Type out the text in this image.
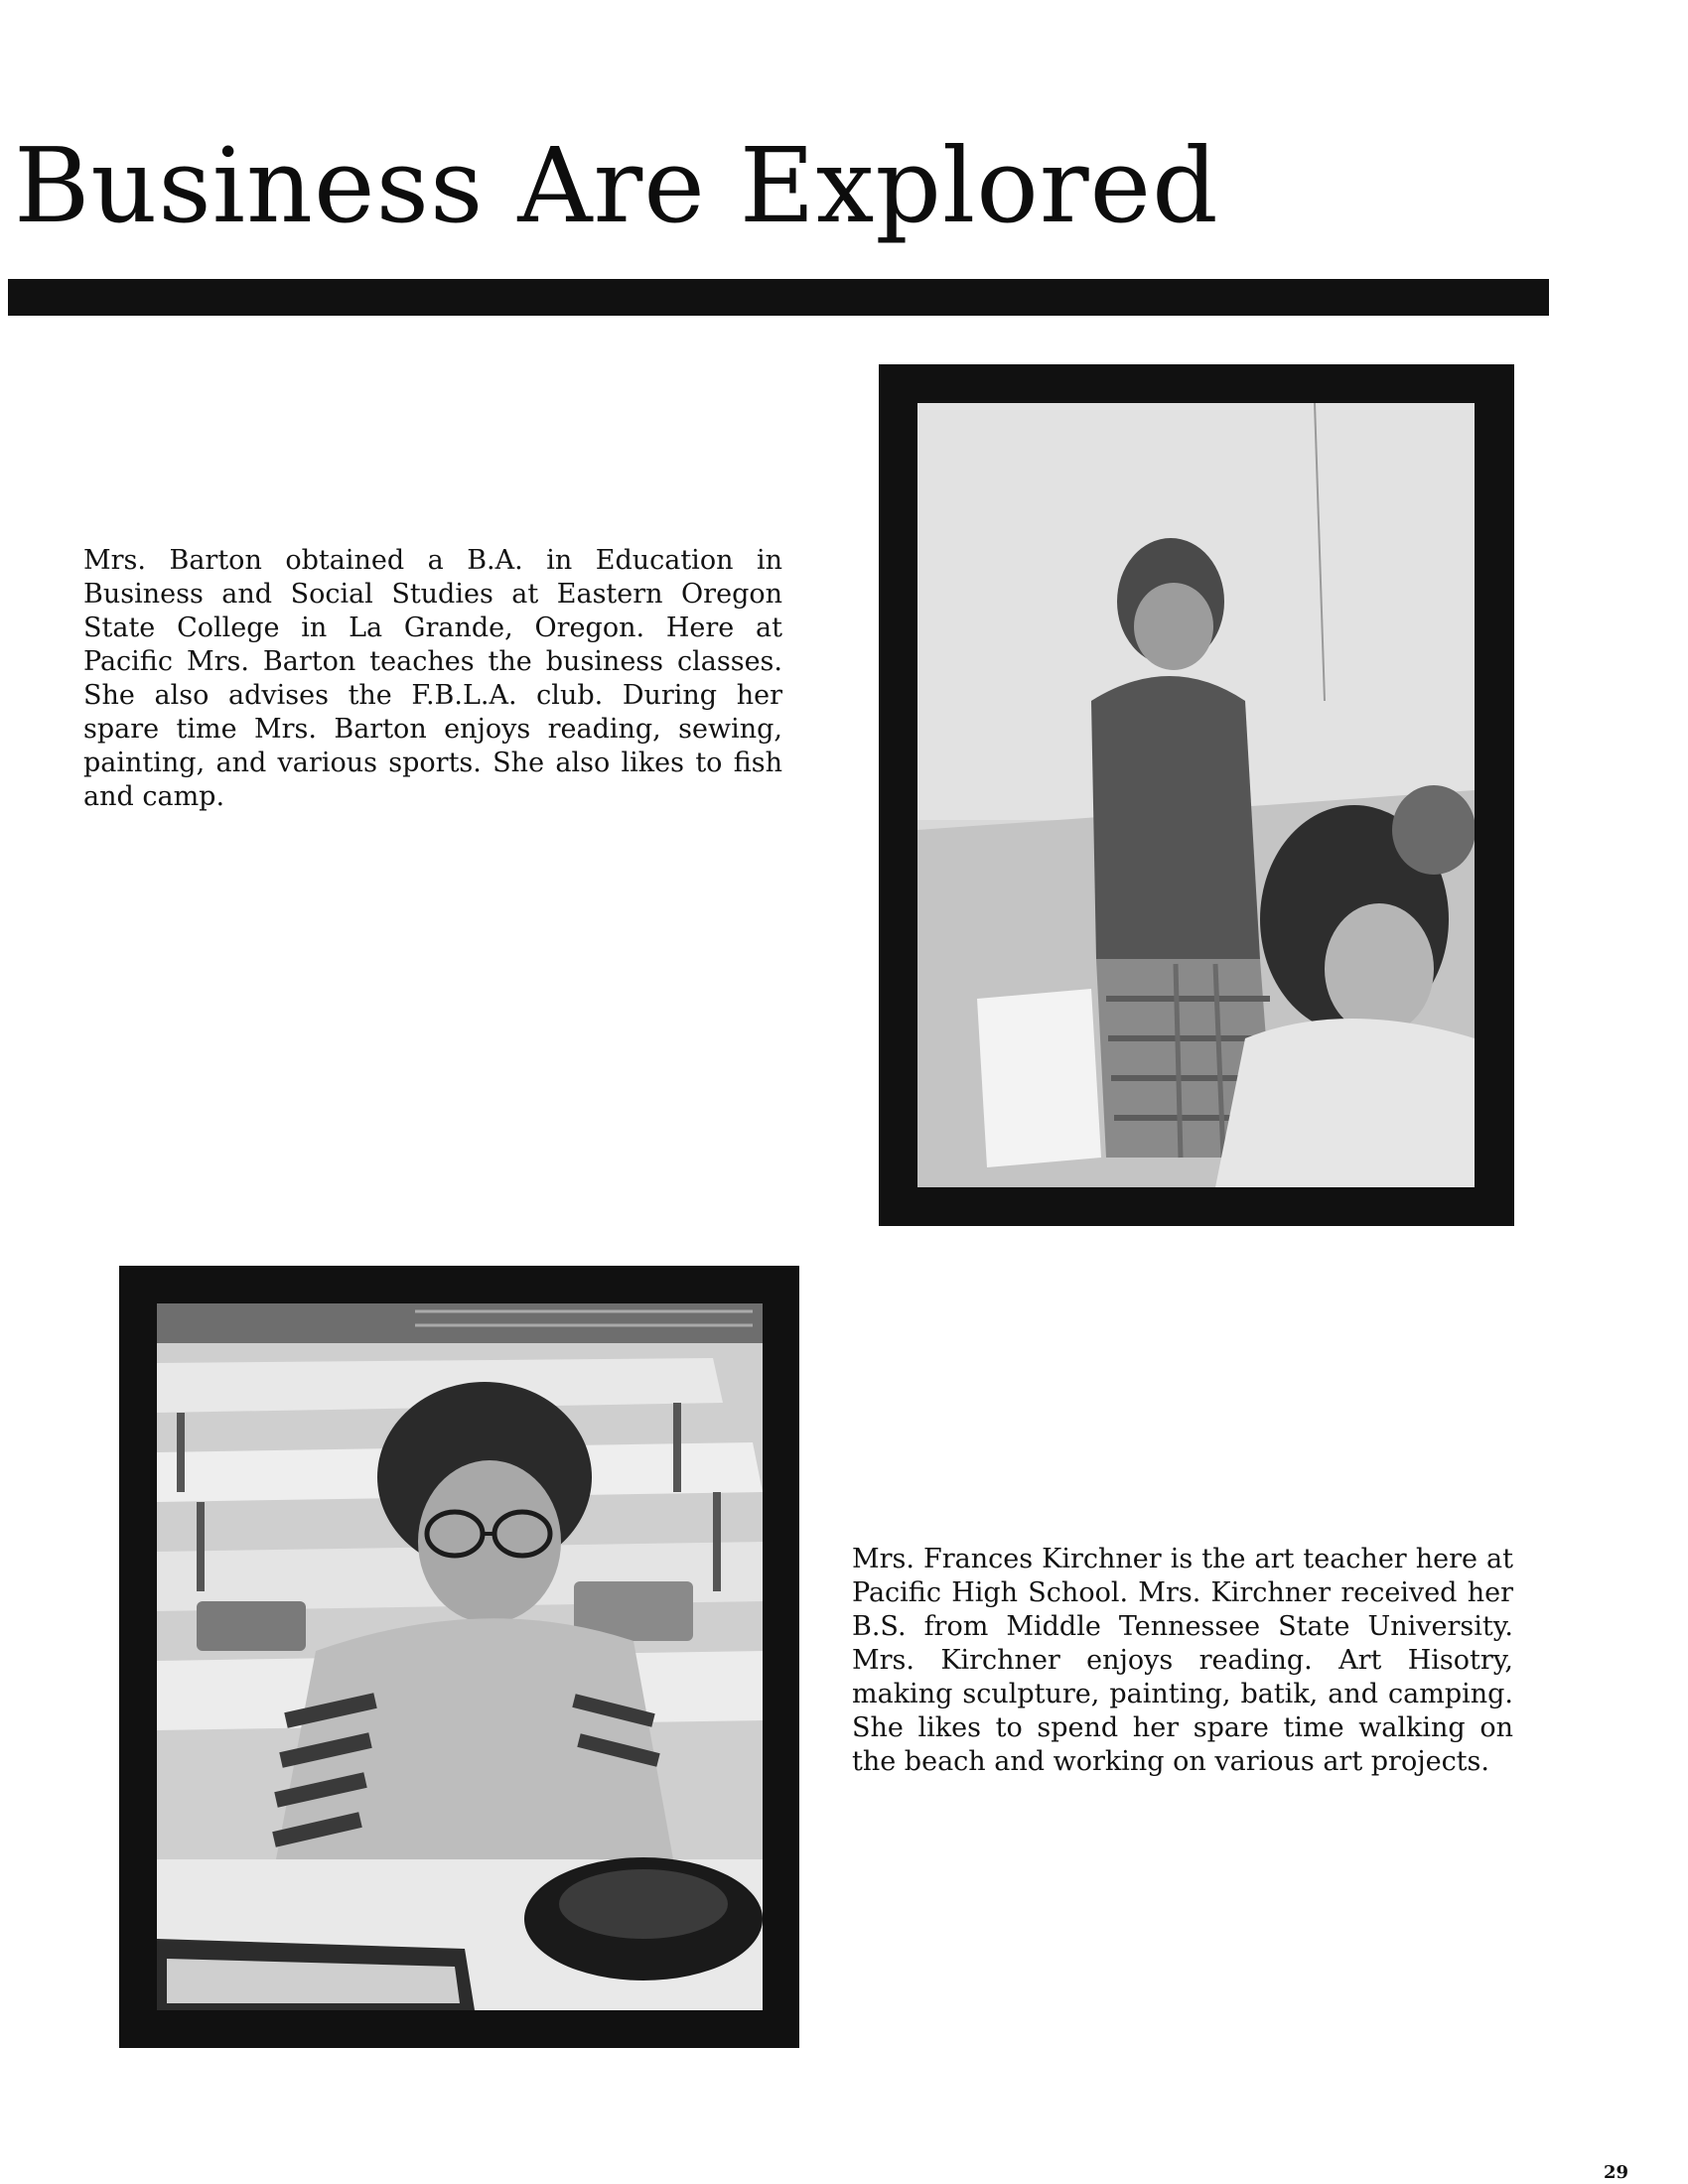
Business Are Explored

Mrs. Barton obtained a B.A. in Education in Business and Social Studies at Eastern Oregon State College in La Grande, Oregon. Here at Pacific Mrs. Barton teaches the business classes. She also advises the F.B.L.A. club. During her spare time Mrs. Barton enjoys reading, sewing, painting, and various sports. She also likes to fish and camp.

Mrs. Frances Kirchner is the art teacher here at Pacific High School. Mrs. Kirchner received her B.S. from Middle Tennessee State University. Mrs. Kirchner enjoys reading. Art Hisotry, making sculpture, painting, batik, and camping. She likes to spend her spare time walking on the beach and working on various art projects.

29
